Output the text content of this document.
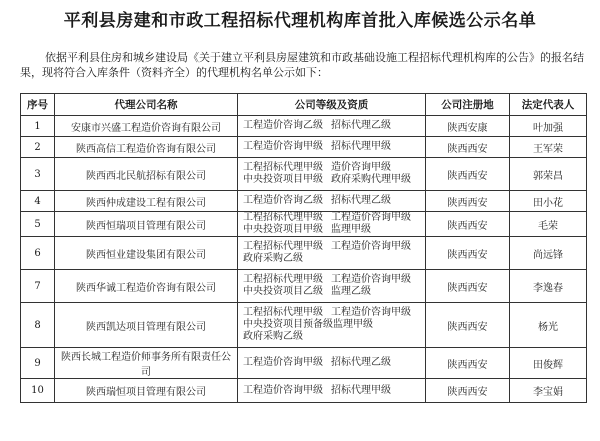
平利县房建和市政工程招标代理机构库首批入库候选公示名单
依据平利县住房和城乡建设局《关于建立平利县房屋建筑和市政基础设施工程招标代理机构库的公告》的报名结果，现将符合入库条件（资料齐全）的代理机构名单公示如下：
序号	代理公司名称	公司等级及资质	公司注册地	法定代表人
1	安康市兴盛工程造价咨询有限公司	工程造价咨询乙级 招标代理乙级	陕西安康	叶加强
2	陕西高信工程造价咨询有限公司	工程造价咨询甲级 招标代理甲级	陕西西安	王军荣
3	陕西西北民航招标有限公司	工程招标代理甲级 造价咨询甲级
中央投资项目甲级 政府采购代理甲级	陕西西安	郭荣昌
4	陕西仲成建设工程有限公司	工程造价咨询乙级 招标代理乙级	陕西西安	田小花
5	陕西恒瑞项目管理有限公司	工程招标代理甲级 工程造价咨询甲级
中央投资项目甲级 监理甲级	陕西西安	毛荣
6	陕西恒业建设集团有限公司	工程招标代理甲级 工程造价咨询甲级
政府采购乙级	陕西西安	尚远锋
7	陕西华诚工程造价咨询有限公司	工程招标代理甲级 工程造价咨询甲级
中央投资项目乙级 监理乙级	陕西西安	李逸春
8	陕西凯达项目管理有限公司	工程招标代理甲级 工程造价咨询甲级
中央投资项目预备级监理甲级
政府采购乙级	陕西西安	杨光
9	陕西长城工程造价师事务所有限责任公司	工程造价咨询甲级 招标代理乙级	陕西西安	田俊辉
10	陕西瑞恒项目管理有限公司	工程造价咨询甲级 招标代理甲级	陕西西安	李宝娟
